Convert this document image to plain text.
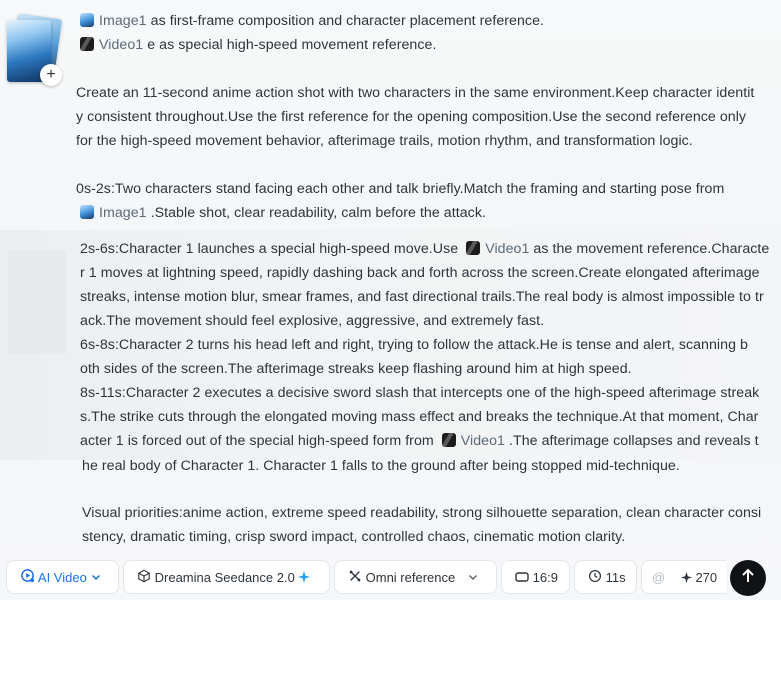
+
Image1 as first-frame composition and character placement reference.
Video1 e as special high-speed movement reference.
Create an 11-second anime action shot with two characters in the same environment.Keep character identit
y consistent throughout.Use the first reference for the opening composition.Use the second reference only
for the high-speed movement behavior, afterimage trails, motion rhythm, and transformation logic.
0s-2s:Two characters stand facing each other and talk briefly.Match the framing and starting pose from
Image1 .Stable shot, clear readability, calm before the attack.
2s-6s:Character 1 launches a special high-speed move.Use Video1 as the movement reference.Characte
r 1 moves at lightning speed, rapidly dashing back and forth across the screen.Create elongated afterimage
streaks, intense motion blur, smear frames, and fast directional trails.The real body is almost impossible to tr
ack.The movement should feel explosive, aggressive, and extremely fast.
6s-8s:Character 2 turns his head left and right, trying to follow the attack.He is tense and alert, scanning b
oth sides of the screen.The afterimage streaks keep flashing around him at high speed.
8s-11s:Character 2 executes a decisive sword slash that intercepts one of the high-speed afterimage streak
s.The strike cuts through the elongated moving mass effect and breaks the technique.At that moment, Char
acter 1 is forced out of the special high-speed form from Video1 .The afterimage collapses and reveals t
he real body of Character 1. Character 1 falls to the ground after being stopped mid-technique.
Visual priorities:anime action, extreme speed readability, strong silhouette separation, clean character consi
stency, dramatic timing, crisp sword impact, controlled chaos, cinematic motion clarity.
AI Video	Dreamina Seedance 2.0	Omni reference	16:9	11s	@ 270
